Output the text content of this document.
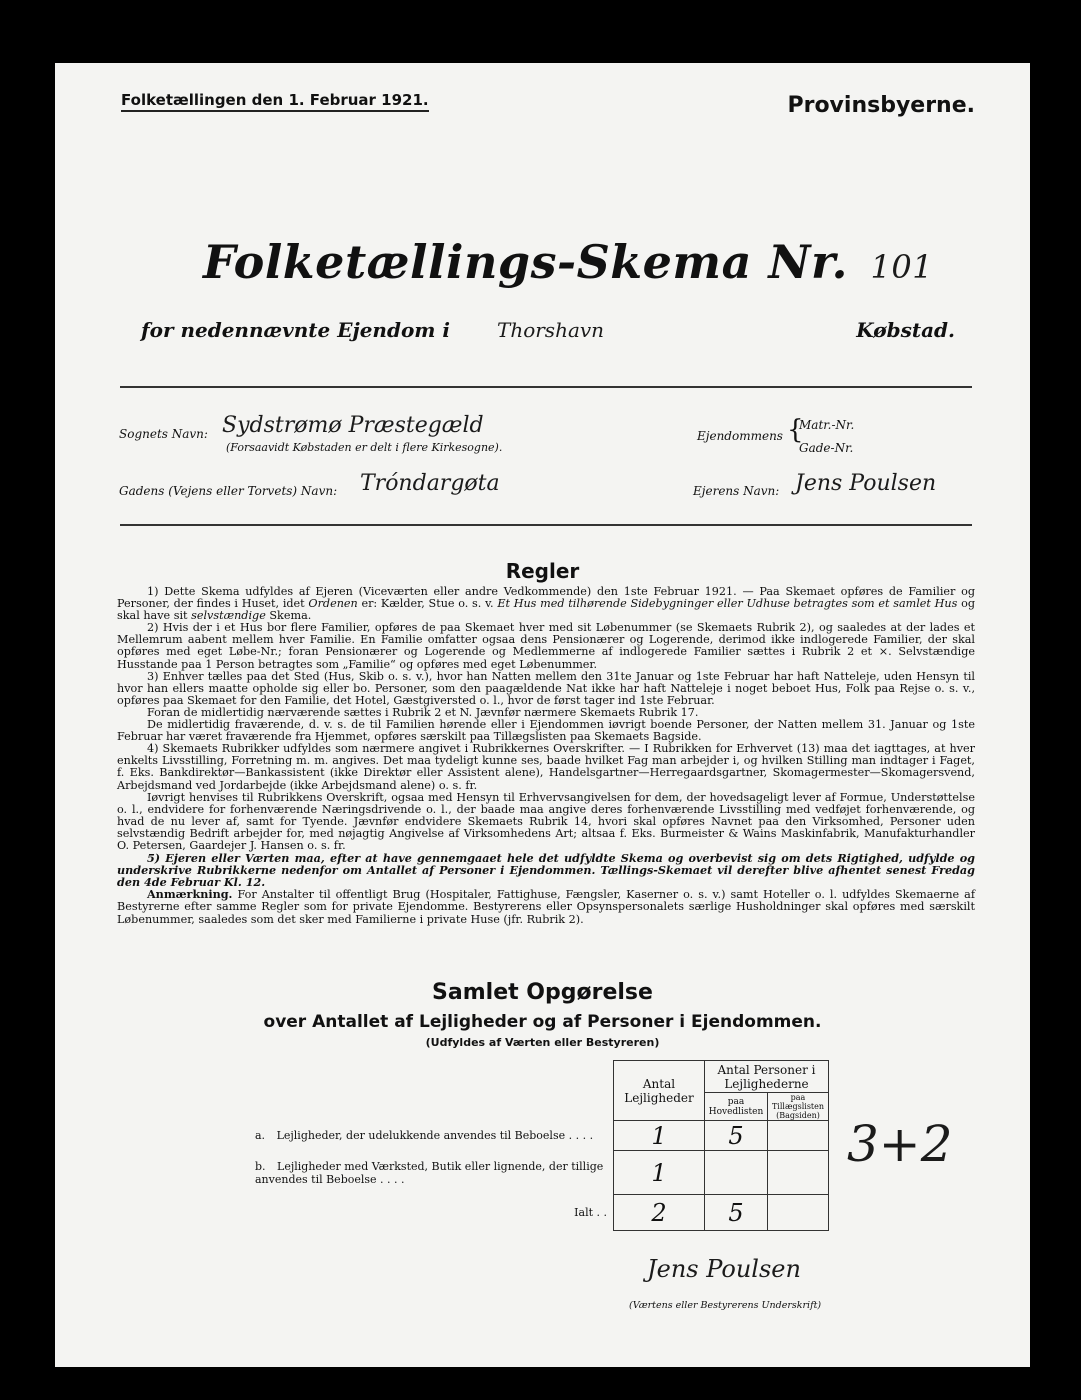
Folketællingen den 1. Februar 1921.	Provinsbyerne.
Folketællings-Skema Nr. 101
for nedennævnte Ejendom i Thorshavn	Købstad.
Sognets Navn: Sydstrømø Præstegæld
(Forsaavidt Købstaden er delt i flere Kirkesogne).
Ejendommens {
Matr.-Nr.
Gade-Nr.
Gadens (Vejens eller Torvets) Navn: Tróndargøta	Ejerens Navn: Jens Poulsen
Regler

1) Dette Skema udfyldes af Ejeren (Viceværten eller andre Vedkommende) den 1ste Februar 1921. — Paa Skemaet opføres de Familier og Personer, der findes i Huset, idet Ordenen er: Kælder, Stue o. s. v. Et Hus med tilhørende Sidebygninger eller Udhuse betragtes som et samlet Hus og skal have sit selvstændige Skema.

2) Hvis der i et Hus bor flere Familier, opføres de paa Skemaet hver med sit Løbenummer (se Skemaets Rubrik 2), og saaledes at der lades et Mellemrum aabent mellem hver Familie. En Familie omfatter ogsaa dens Pensionærer og Logerende, derimod ikke indlogerede Familier, der skal opføres med eget Løbe-Nr.; foran Pensionærer og Logerende og Medlemmerne af indlogerede Familier sættes i Rubrik 2 et ×. Selvstændige Husstande paa 1 Person betragtes som „Familie“ og opføres med eget Løbenummer.

3) Enhver tælles paa det Sted (Hus, Skib o. s. v.), hvor han Natten mellem den 31te Januar og 1ste Februar har haft Natteleje, uden Hensyn til hvor han ellers maatte opholde sig eller bo. Personer, som den paagældende Nat ikke har haft Natteleje i noget beboet Hus, Folk paa Rejse o. s. v., opføres paa Skemaet for den Familie, det Hotel, Gæstgiversted o. l., hvor de først tager ind 1ste Februar.

Foran de midlertidig nærværende sættes i Rubrik 2 et N. Jævnfør nærmere Skemaets Rubrik 17.

De midlertidig fraværende, d. v. s. de til Familien hørende eller i Ejendommen iøvrigt boende Personer, der Natten mellem 31. Januar og 1ste Februar har været fraværende fra Hjemmet, opføres særskilt paa Tillægslisten paa Skemaets Bagside.

4) Skemaets Rubrikker udfyldes som nærmere angivet i Rubrikkernes Overskrifter. — I Rubrikken for Erhvervet (13) maa det iagttages, at hver enkelts Livsstilling, Forretning m. m. angives. Det maa tydeligt kunne ses, baade hvilket Fag man arbejder i, og hvilken Stilling man indtager i Faget, f. Eks. Bankdirektør—Bankassistent (ikke Direktør eller Assistent alene), Handelsgartner—Herregaardsgartner, Skomagermester—Skomagersvend, Arbejdsmand ved Jordarbejde (ikke Arbejdsmand alene) o. s. fr.

Iøvrigt henvises til Rubrikkens Overskrift, ogsaa med Hensyn til Erhvervsangivelsen for dem, der hovedsageligt lever af Formue, Understøttelse o. l., endvidere for forhenværende Næringsdrivende o. l., der baade maa angive deres forhenværende Livsstilling med vedføjet forhenværende, og hvad de nu lever af, samt for Tyende. Jævnfør endvidere Skemaets Rubrik 14, hvori skal opføres Navnet paa den Virksomhed, Personer uden selvstændig Bedrift arbejder for, med nøjagtig Angivelse af Virksomhedens Art; altsaa f. Eks. Burmeister & Wains Maskinfabrik, Manufakturhandler O. Petersen, Gaardejer J. Hansen o. s. fr.

5) Ejeren eller Værten maa, efter at have gennemgaaet hele det udfyldte Skema og overbevist sig om dets Rigtighed, udfylde og underskrive Rubrikkerne nedenfor om Antallet af Personer i Ejendommen. Tællings-Skemaet vil derefter blive afhentet senest Fredag den 4de Februar Kl. 12.

Anmærkning. For Anstalter til offentligt Brug (Hospitaler, Fattighuse, Fængsler, Kaserner o. s. v.) samt Hoteller o. l. udfyldes Skemaerne af Bestyrerne efter samme Regler som for private Ejendomme. Bestyrerens eller Opsynspersonalets særlige Husholdninger skal opføres med særskilt Løbenummer, saaledes som det sker med Familierne i private Huse (jfr. Rubrik 2).

Samlet Opgørelse
over Antallet af Lejligheder og af Personer i Ejendommen.
(Udfyldes af Værten eller Bestyreren)
	Antal Lejligheder	Antal Personer i Lejlighederne	
		paa Hovedlisten	paa Tillægslisten (Bagsiden)
a. Lejligheder, der udelukkende anvendes til Beboelse . . . .	1	5	
b. Lejligheder med Værksted, Butik eller lignende, der tillige anvendes til Beboelse . . . .	1		
Ialt . .	2	5	
3+2
Jens Poulsen
(Værtens eller Bestyrerens Underskrift)
